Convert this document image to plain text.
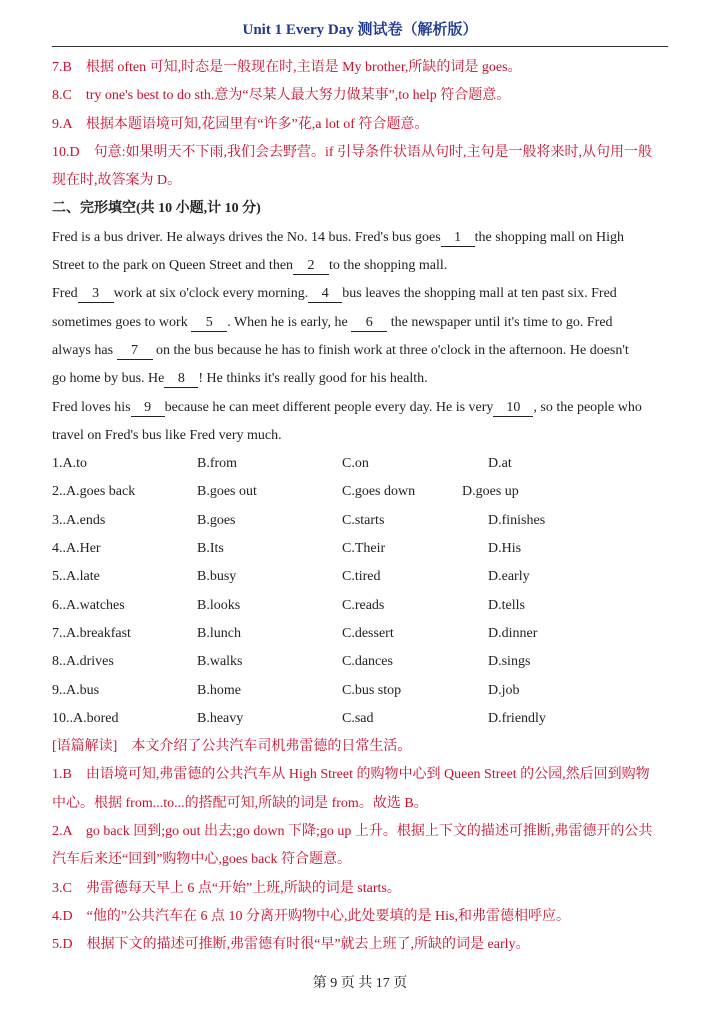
Unit 1 Every Day 测试卷（解析版）
7.B　根据 often 可知,时态是一般现在时,主语是 My brother,所缺的词是 goes。
8.C　try one's best to do sth.意为“尽某人最大努力做某事”,to help 符合题意。
9.A　根据本题语境可知,花园里有“许多”花,a lot of 符合题意。
10.D　句意:如果明天不下雨,我们会去野营。if 引导条件状语从句时,主句是一般将来时,从句用一般
现在时,故答案为 D。
二、完形填空(共 10 小题,计 10 分)
Fred is a bus driver. He always drives the No. 14 bus. Fred's bus goes 1 the shopping mall on High
Street to the park on Queen Street and then 2 to the shopping mall.
Fred 3 work at six o'clock every morning. 4 bus leaves the shopping mall at ten past six. Fred
sometimes goes to work 5 . When he is early, he 6 the newspaper until it's time to go. Fred
always has 7 on the bus because he has to finish work at three o'clock in the afternoon. He doesn't
go home by bus. He 8 ! He thinks it's really good for his health.
Fred loves his 9 because he can meet different people every day. He is very 10 , so the people who
travel on Fred's bus like Fred very much.
1.A.to	B.from	C.on	D.at
2..A.goes back	B.goes out	C.goes down	D.goes up
3..A.ends	B.goes	C.starts	D.finishes
4..A.Her	B.Its	C.Their	D.His
5..A.late	B.busy	C.tired	D.early
6..A.watches	B.looks	C.reads	D.tells
7..A.breakfast	B.lunch	C.dessert	D.dinner
8..A.drives	B.walks	C.dances	D.sings
9..A.bus	B.home	C.bus stop	D.job
10..A.bored	B.heavy	C.sad	D.friendly
[语篇解读]　本文介绍了公共汽车司机弗雷德的日常生活。
1.B　由语境可知,弗雷德的公共汽车从 High Street 的购物中心到 Queen Street 的公园,然后回到购物
中心。根据 from...to...的搭配可知,所缺的词是 from。故选 B。
2.A　go back 回到;go out 出去;go down 下降;go up 上升。根据上下文的描述可推断,弗雷德开的公共
汽车后来还“回到”购物中心,goes back 符合题意。
3.C　弗雷德每天早上 6 点“开始”上班,所缺的词是 starts。
4.D　“他的”公共汽车在 6 点 10 分离开购物中心,此处要填的是 His,和弗雷德相呼应。
5.D　根据下文的描述可推断,弗雷德有时很“早”就去上班了,所缺的词是 early。
第 9 页 共 17 页
